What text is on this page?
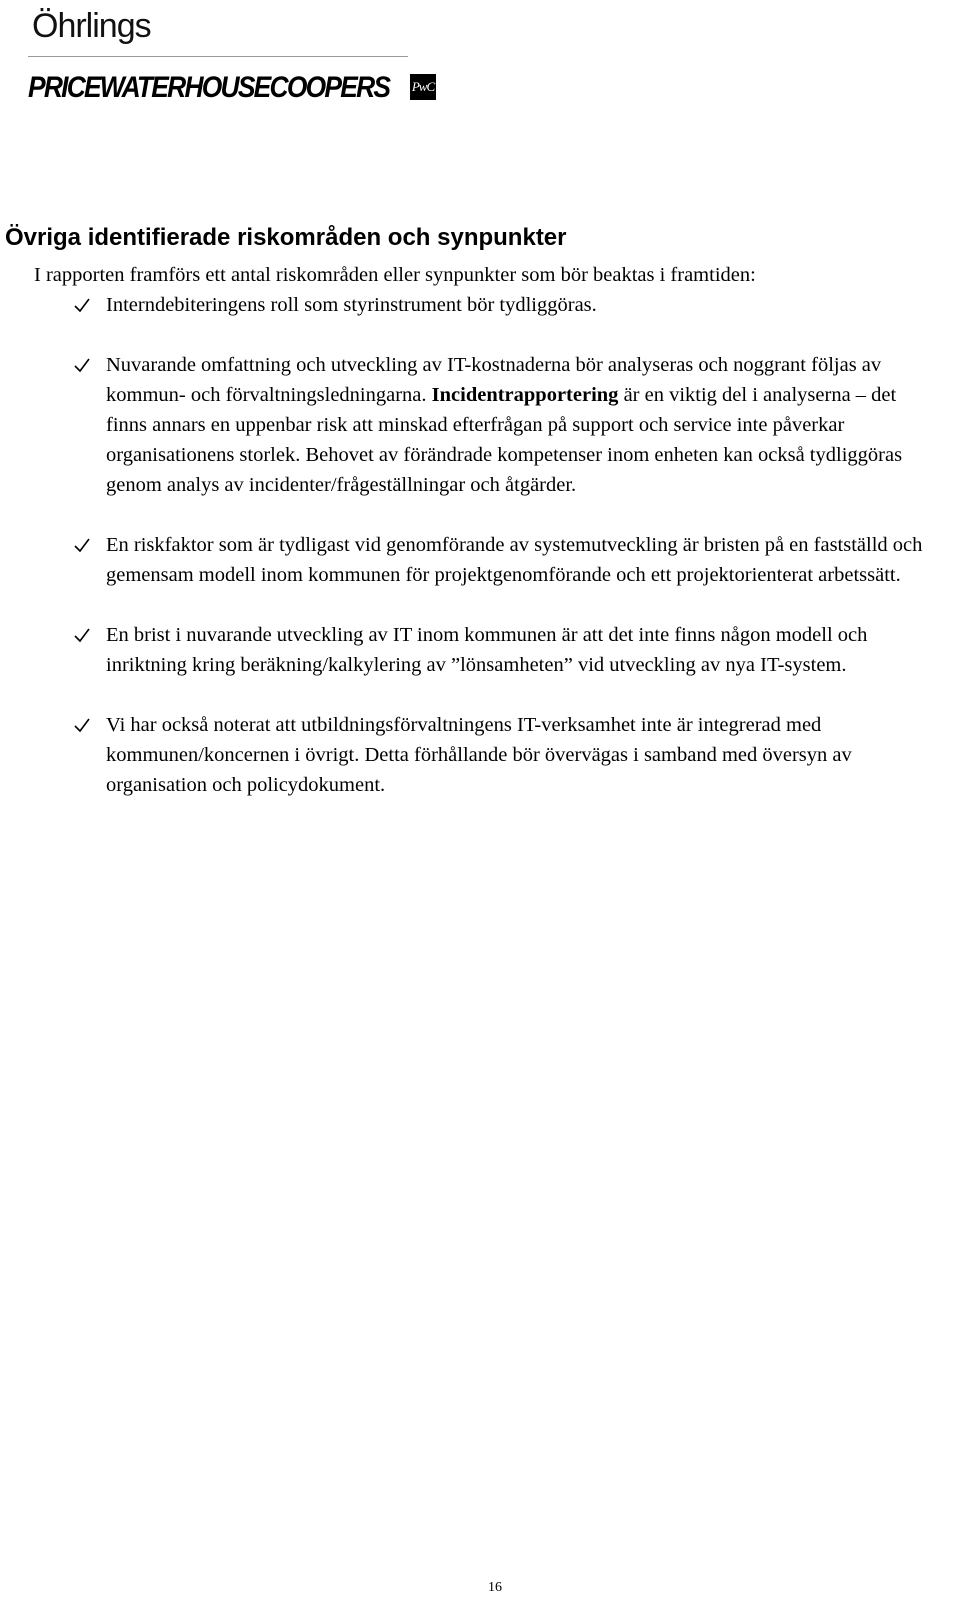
Öhrlings
PRICEWATERHOUSECOOPERS PwC
Övriga identifierade riskområden och synpunkter

I rapporten framförs ett antal riskområden eller synpunkter som bör beaktas i framtiden:

Interndebiteringens roll som styrinstrument bör tydliggöras.
Nuvarande omfattning och utveckling av IT-kostnaderna bör analyseras och noggrant följas av kommun- och förvaltningsledningarna. Incidentrapportering är en viktig del i analyserna – det finns annars en uppenbar risk att minskad efterfrågan på support och service inte påverkar organisationens storlek. Behovet av förändrade kompetenser inom enheten kan också tydliggöras genom analys av incidenter/frågeställningar och åtgärder.
En riskfaktor som är tydligast vid genomförande av systemutveckling är bristen på en fastställd och gemensam modell inom kommunen för projektgenomförande och ett projektorienterat arbetssätt.
En brist i nuvarande utveckling av IT inom kommunen är att det inte finns någon modell och inriktning kring beräkning/kalkylering av ”lönsamheten” vid utveckling av nya IT-system.
Vi har också noterat att utbildningsförvaltningens IT-verksamhet inte är integrerad med kommunen/koncernen i övrigt. Detta förhållande bör övervägas i samband med översyn av organisation och policydokument.
16
